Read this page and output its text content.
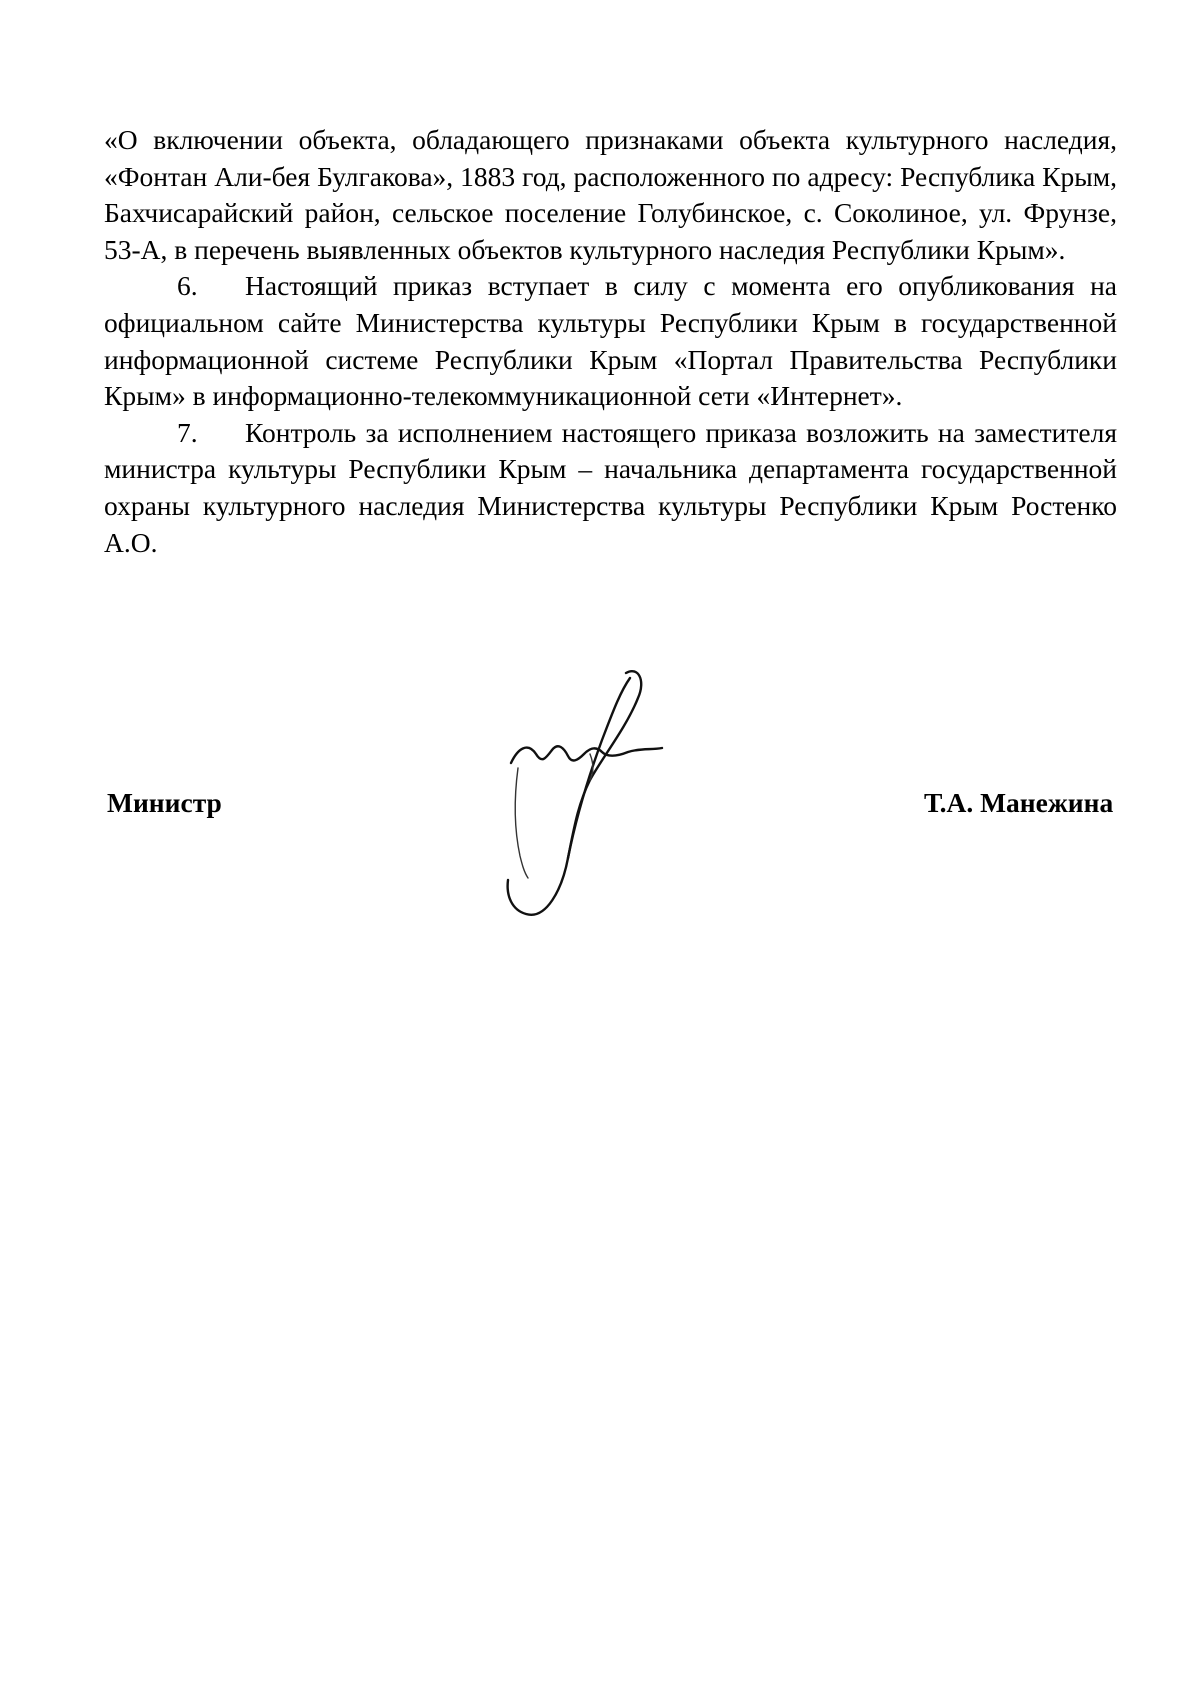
«О включении объекта, обладающего признаками объекта культурного наследия, «Фонтан Али-бея Булгакова», 1883 год, расположенного по адресу: Республика Крым, Бахчисарайский район, сельское поселение Голубинское, с. Соколиное, ул. Фрунзе, 53-А, в перечень выявленных объектов культурного наследия Республики Крым».

6. Настоящий приказ вступает в силу с момента его опубликования на официальном сайте Министерства культуры Республики Крым в государственной информационной системе Республики Крым «Портал Правительства Республики Крым» в информационно-телекоммуникационной сети «Интернет».

7. Контроль за исполнением настоящего приказа возложить на заместителя министра культуры Республики Крым – начальника департамента государственной охраны культурного наследия Министерства культуры Республики Крым Ростенко А.О.

Министр	Т.А. Манежина
